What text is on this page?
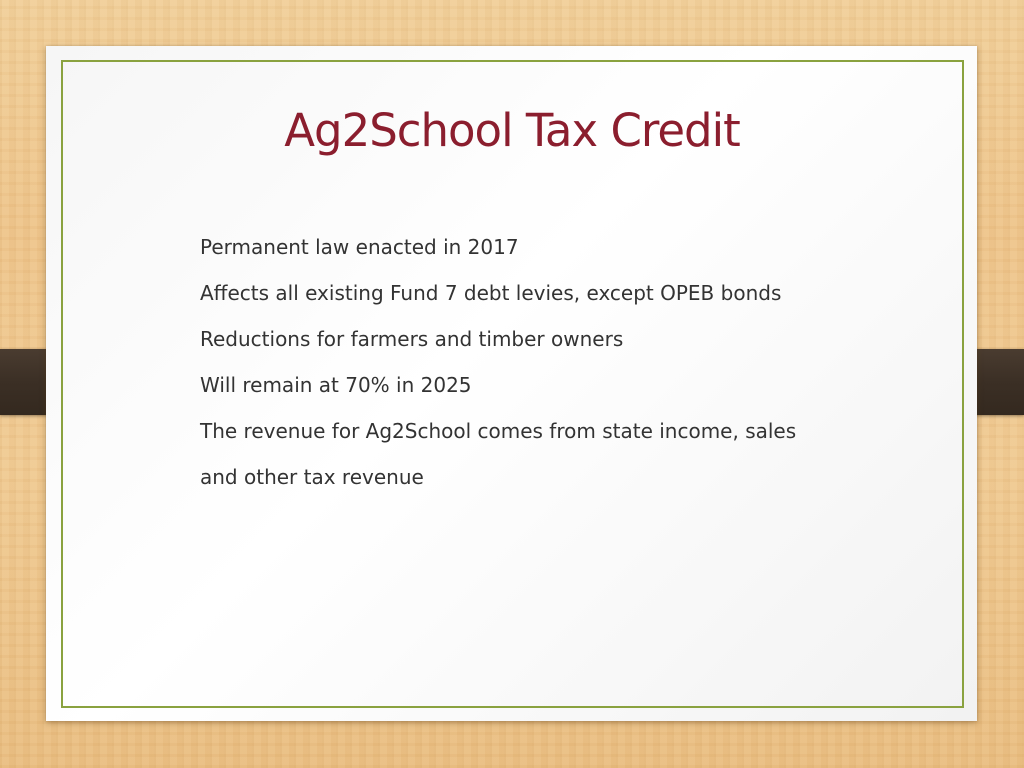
Ag2School Tax Credit
Permanent law enacted in 2017
Affects all existing Fund 7 debt levies, except OPEB bonds
Reductions for farmers and timber owners
Will remain at 70% in 2025
The revenue for Ag2School comes from state income, sales
and other tax revenue
